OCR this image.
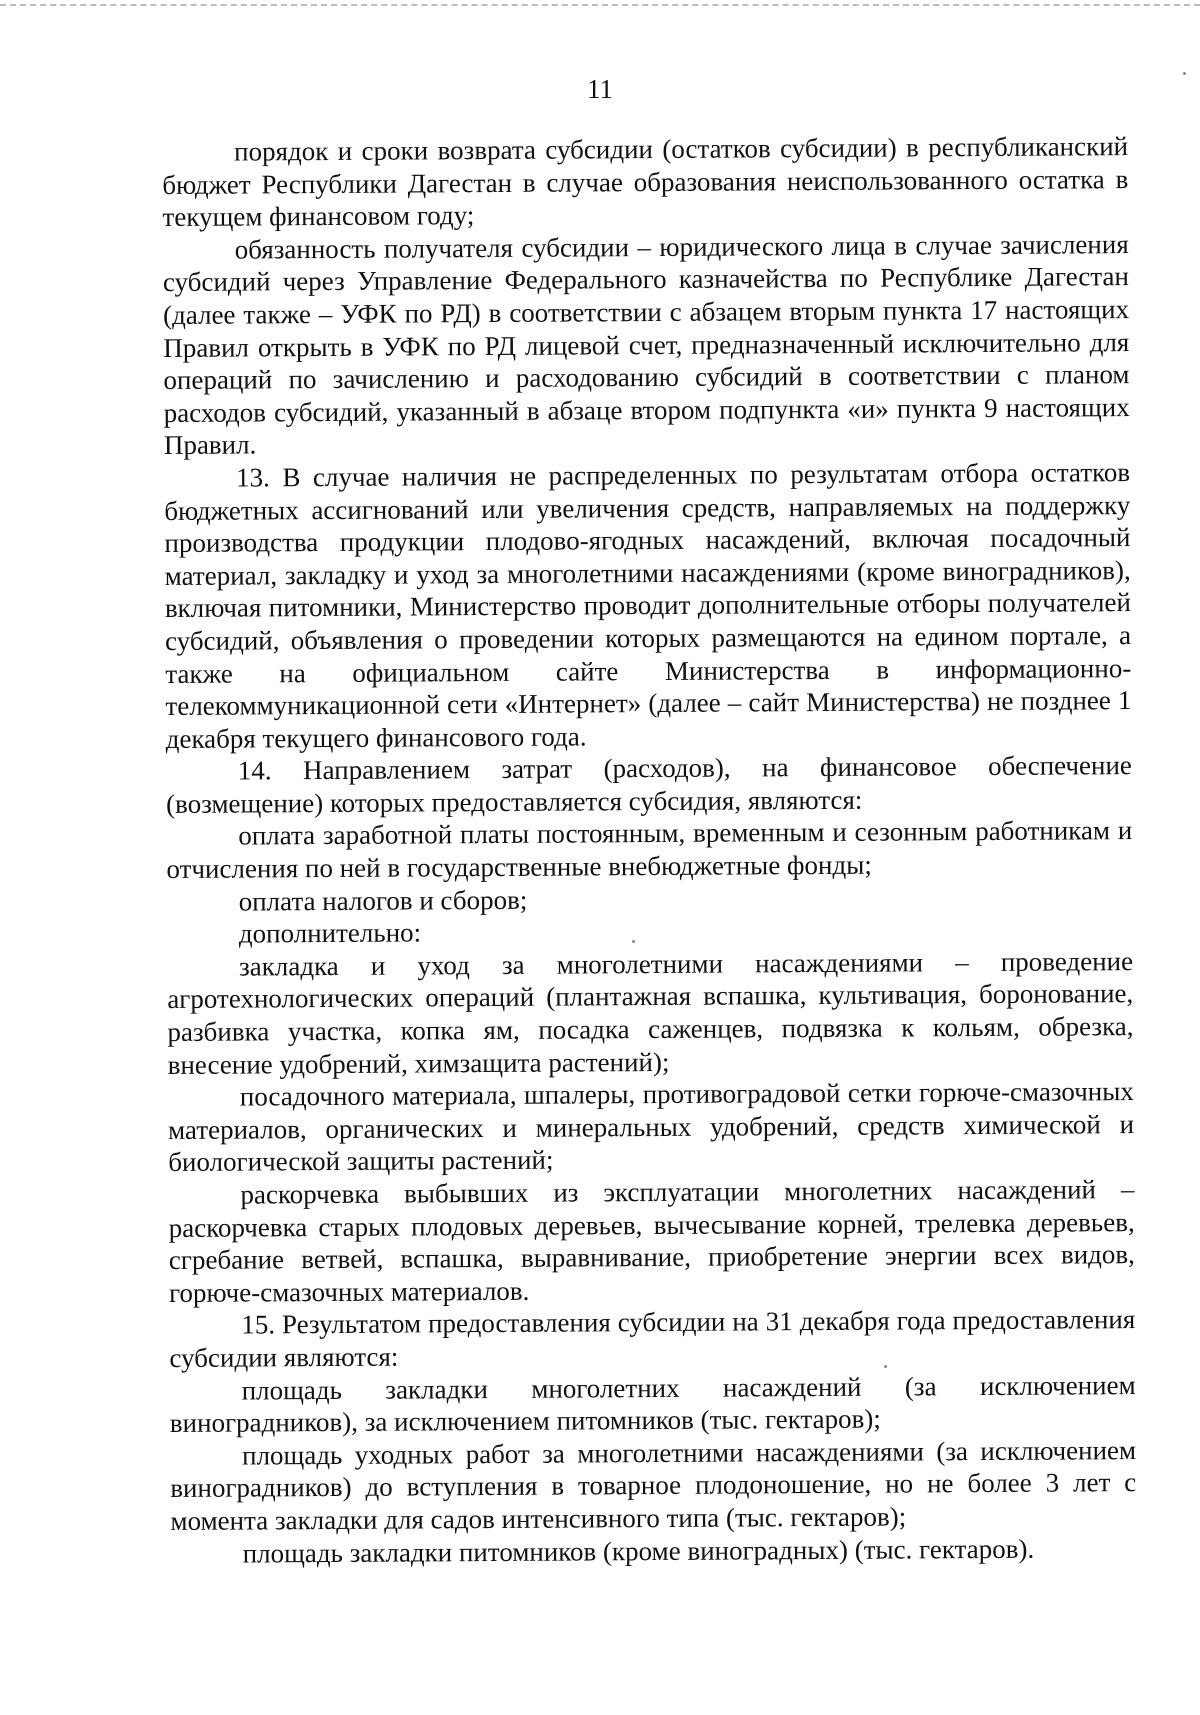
11

порядок и сроки возврата субсидии (остатков субсидии) в республиканский бюджет Республики Дагестан в случае образования неиспользованного остатка в текущем финансовом году;

обязанность получателя субсидии – юридического лица в случае зачисления субсидий через Управление Федерального казначейства по Республике Дагестан (далее также – УФК по РД) в соответствии с абзацем вторым пункта 17 настоящих Правил открыть в УФК по РД лицевой счет, предназначенный исключительно для операций по зачислению и расходованию субсидий в соответствии с планом расходов субсидий, указанный в абзаце втором подпункта «и» пункта 9 настоящих Правил.

13. В случае наличия не распределенных по результатам отбора остатков бюджетных ассигнований или увеличения средств, направляемых на поддержку производства продукции плодово-ягодных насаждений, включая посадочный материал, закладку и уход за многолетними насаждениями (кроме виноградников), включая питомники, Министерство проводит дополнительные отборы получателей субсидий, объявления о проведении которых размещаются на едином портале, а также на официальном сайте Министерства в информационно-телекоммуникационной сети «Интернет» (далее – сайт Министерства) не позднее 1 декабря текущего финансового года.

14. Направлением затрат (расходов), на финансовое обеспечение (возмещение) которых предоставляется субсидия, являются:

оплата заработной платы постоянным, временным и сезонным работникам и отчисления по ней в государственные внебюджетные фонды;

оплата налогов и сборов;

дополнительно:

закладка и уход за многолетними насаждениями – проведение агротехнологических операций (плантажная вспашка, культивация, боронование, разбивка участка, копка ям, посадка саженцев, подвязка к кольям, обрезка, внесение удобрений, химзащита растений);

посадочного материала, шпалеры, противоградовой сетки горюче-смазочных материалов, органических и минеральных удобрений, средств химической и биологической защиты растений;

раскорчевка выбывших из эксплуатации многолетних насаждений – раскорчевка старых плодовых деревьев, вычесывание корней, трелевка деревьев, сгребание ветвей, вспашка, выравнивание, приобретение энергии всех видов, горюче-смазочных материалов.

15. Результатом предоставления субсидии на 31 декабря года предоставления субсидии являются:

площадь закладки многолетних насаждений (за исключением виноградников), за исключением питомников (тыс. гектаров);

площадь уходных работ за многолетними насаждениями (за исключением виноградников) до вступления в товарное плодоношение, но не более 3 лет с момента закладки для садов интенсивного типа (тыс. гектаров);

площадь закладки питомников (кроме виноградных) (тыс. гектаров).
